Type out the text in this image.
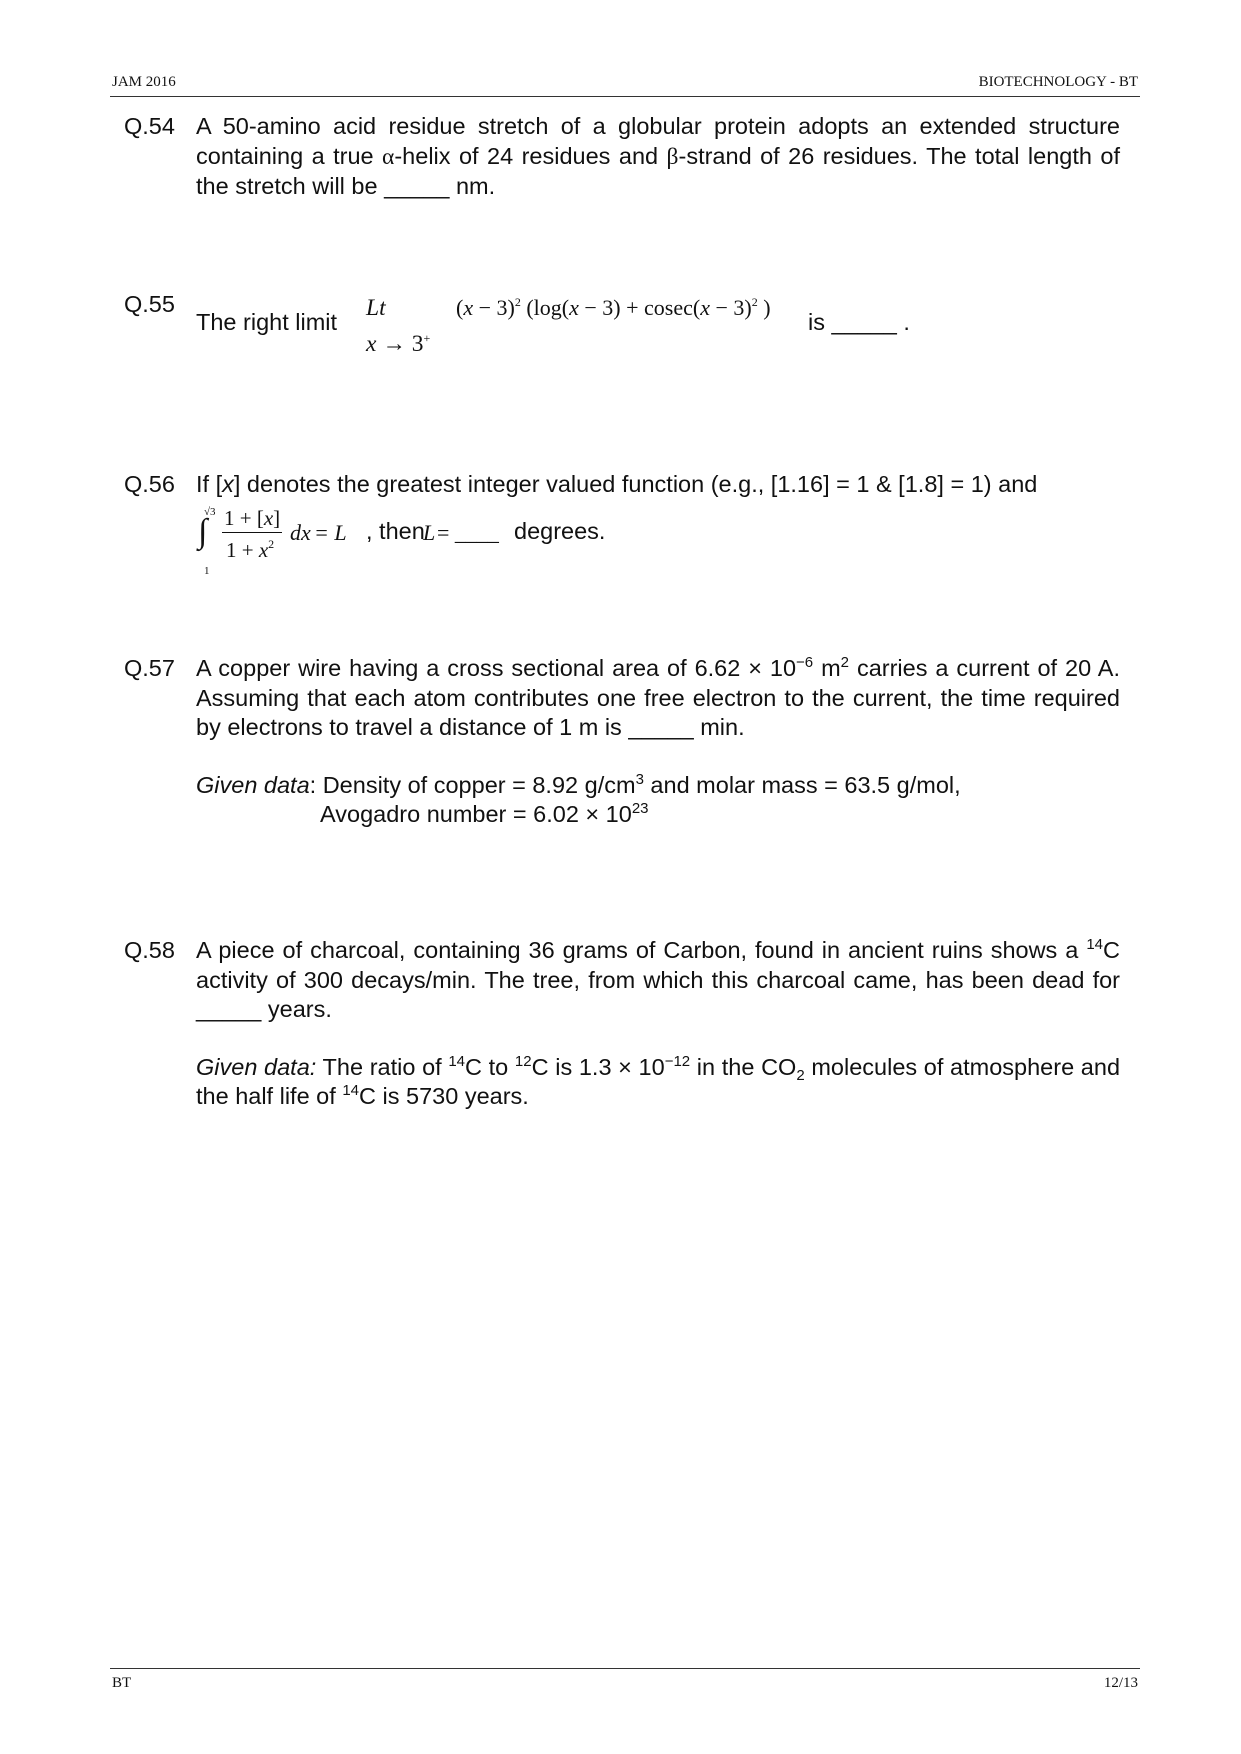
JAM 2016	BIOTECHNOLOGY - BT
Q.54 A 50-amino acid residue stretch of a globular protein adopts an extended structure containing a true α-helix of 24 residues and β-strand of 26 residues. The total length of the stretch will be _____ nm.
Q.55
The right limit
Lt
x → 3+
$(x - 3)^2$ ($\log(x - 3) + cosec(x - 3)^2$ )
is _____ .
Q.56 If [x] denotes the greatest integer valued function (e.g., [1.16] = 1 & [1.8] = 1) and
√3
∫
1
1 + [x]
$1 + x^2$ dx = L , then
L = ____ degrees.
Q.57 A copper wire having a cross sectional area of $6.62 \times 10^{-6}$ $m^2$ carries a current of 20 A. Assuming that each atom contributes one free electron to the current, the time required by electrons to travel a distance of 1 m is _____ min.

Given data: Density of copper = 8.92 $g/cm^3$ and molar mass = 63.5 g/mol,

Avogadro number = $6.02 \times 10^{23}$

Q.58 A piece of charcoal, containing 36 grams of Carbon, found in ancient ruins shows a $^{14}$C activity of 300 decays/min. The tree, from which this charcoal came, has been dead for _____ years.

Given data: The ratio of $^{14}$C to $^{12}$C is $1.3 \times 10^{-12}$ in the $CO_2$ molecules of atmosphere and the half life of $^{14}$C is 5730 years.

BT	12/13
